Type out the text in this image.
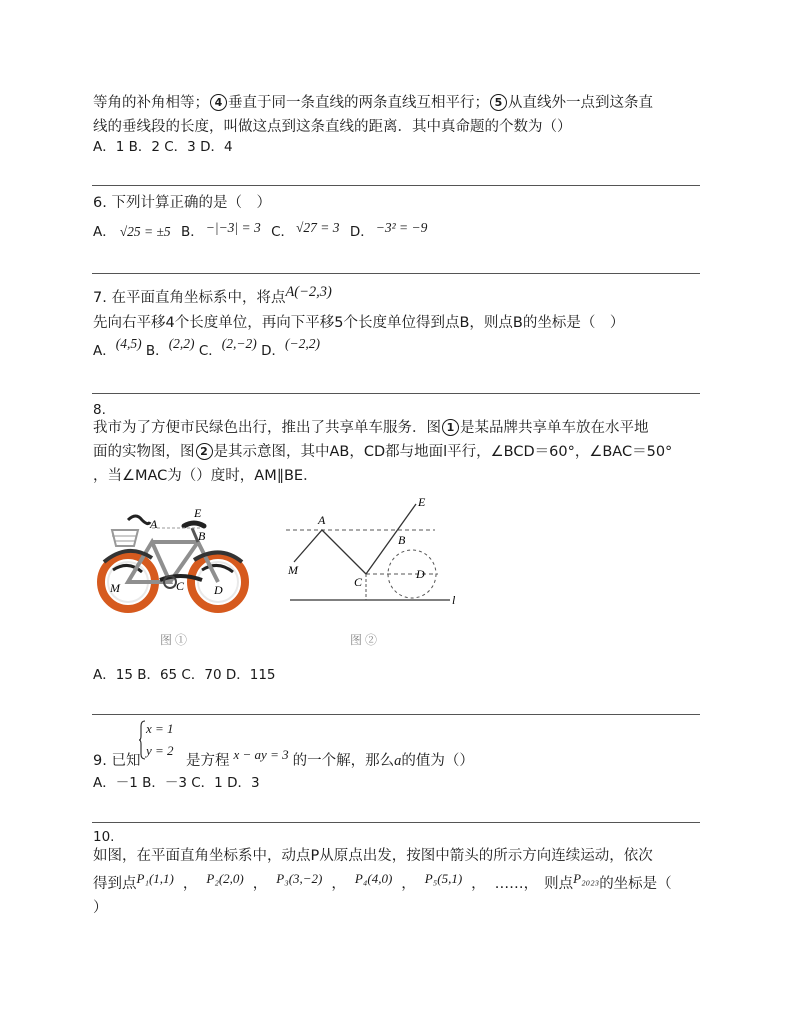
等角的补角相等； 4 垂直于同一条直线的两条直线互相平行； 5 从直线外一点到这条直
线的垂线段的长度，叫做这点到这条直线的距离．其中真命题的个数为（）
A．1 B．2 C．3 D．4
6. 下列计算正确的是（　）
A． √25 = ±5 B． −|−3| = 3 C． √27 = 3 D． −3² = −9
7. 在平面直角坐标系中，将点A(−2,3)
先向右平移4个长度单位，再向下平移5个长度单位得到点B，则点B的坐标是（　）
A．(4,5) B．(2,2) C．(2,−2) D．(−2,2)
8.
我市为了方便市民绿色出行，推出了共享单车服务．图 1 是某品牌共享单车放在水平地
面的实物图，图 2 是其示意图，其中AB，CD都与地面l平行，∠BCD＝60°，∠BAC＝50°
，当∠MAC为（）度时，AM∥BE．
A
E
B
M	C D
图 ①
A
E
B
M
C
D
l
图 ②
A．15 B．65 C．70 D．115
x = 1
y = 2
9. 已知	是方程 x − ay = 3 的一个解，那么a的值为（）
A．－1 B．－3 C．1 D．3
10.
如图，在平面直角坐标系中，动点P从原点出发，按图中箭头的所示方向连续运动，依次
得到点P₁(1,1) ， P₂(2,0) ， P₃(3,−2) ， P₄(4,0) ， P₅(5,1) ， ……， 则点P₂₀₂₃的坐标是（
）
